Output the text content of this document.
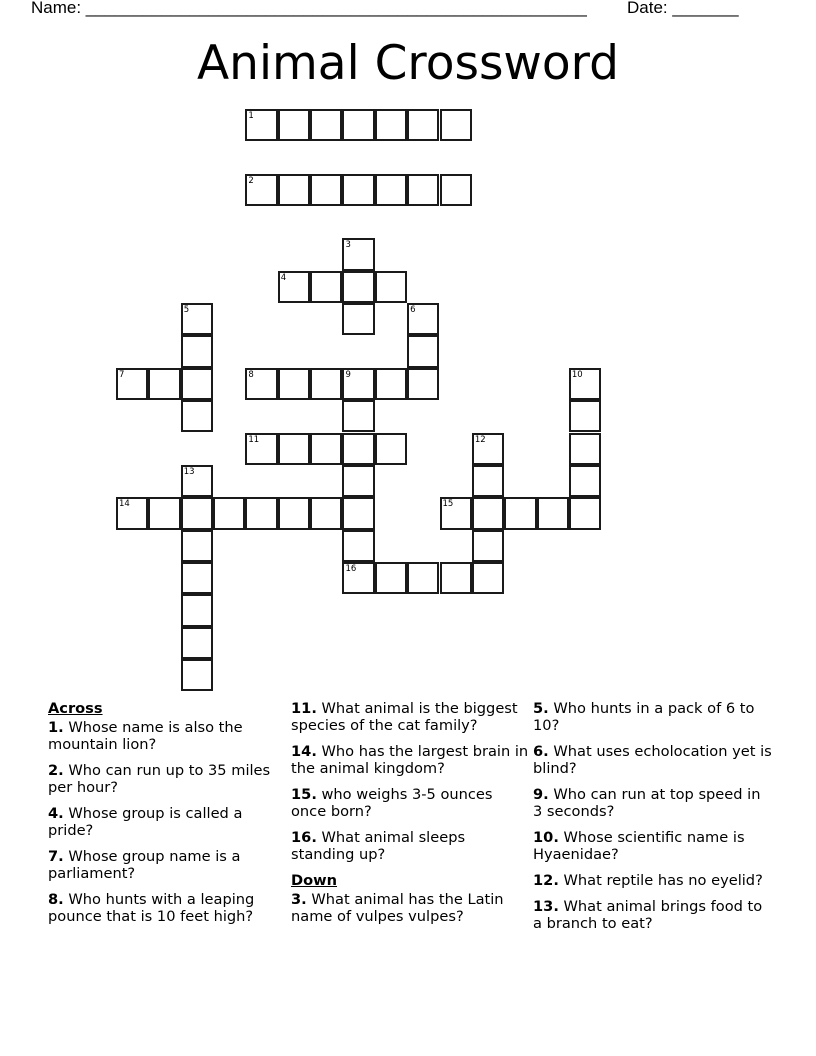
Name: _____________________________________________________ Date: _______
Animal Crossword
1
2
3
4
5	6
7	8	9	10
11	12
13
14	15
16
Across
1. Whose name is also the mountain lion?
2. Who can run up to 35 miles per hour?
4. Whose group is called a pride?
7. Whose group name is a parliament?
8. Who hunts with a leaping pounce that is 10 feet high?
11. What animal is the biggest species of the cat family?
14. Who has the largest brain in the animal kingdom?
15. who weighs 3-5 ounces once born?
16. What animal sleeps standing up?
Down
3. What animal has the Latin name of vulpes vulpes?
5. Who hunts in a pack of 6 to 10?
6. What uses echolocation yet is blind?
9. Who can run at top speed in 3 seconds?
10. Whose scientific name is Hyaenidae?
12. What reptile has no eyelid?
13. What animal brings food to a branch to eat?
